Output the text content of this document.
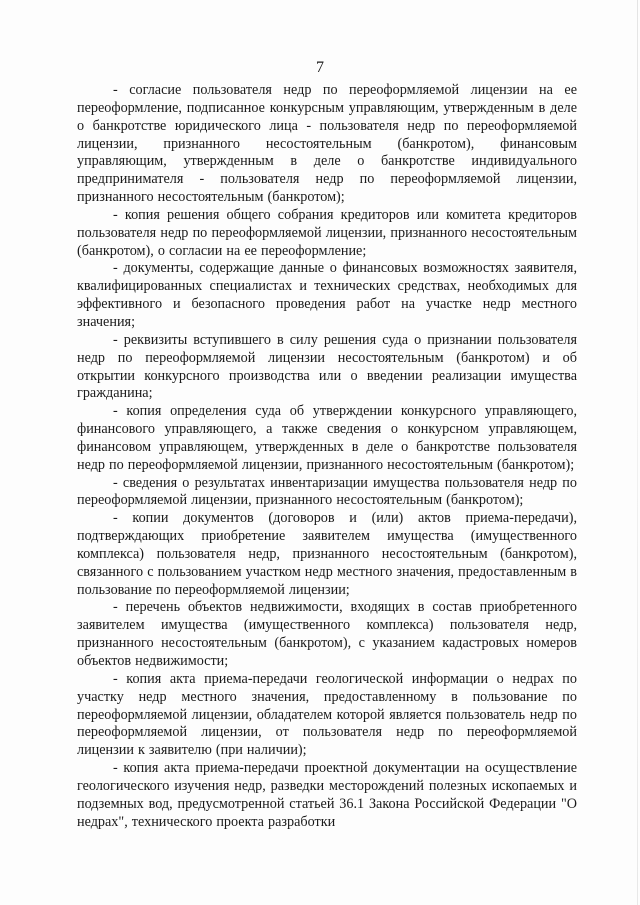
7

- согласие пользователя недр по переоформляемой лицензии на ее переоформление, подписанное конкурсным управляющим, утвержденным в деле о банкротстве юридического лица - пользователя недр по переоформляемой лицензии, признанного несостоятельным (банкротом), финансовым управляющим, утвержденным в деле о банкротстве индивидуального предпринимателя - пользователя недр по переоформляемой лицензии, признанного несостоятельным (банкротом);

- копия решения общего собрания кредиторов или комитета кредиторов пользователя недр по переоформляемой лицензии, признанного несостоятельным (банкротом), о согласии на ее переоформление;

- документы, содержащие данные о финансовых возможностях заявителя, квалифицированных специалистах и технических средствах, необходимых для эффективного и безопасного проведения работ на участке недр местного значения;

- реквизиты вступившего в силу решения суда о признании пользователя недр по переоформляемой лицензии несостоятельным (банкротом) и об открытии конкурсного производства или о введении реализации имущества гражданина;

- копия определения суда об утверждении конкурсного управляющего, финансового управляющего, а также сведения о конкурсном управляющем, финансовом управляющем, утвержденных в деле о банкротстве пользователя недр по переоформляемой лицензии, признанного несостоятельным (банкротом);

- сведения о результатах инвентаризации имущества пользователя недр по переоформляемой лицензии, признанного несостоятельным (банкротом);

- копии документов (договоров и (или) актов приема-передачи), подтверждающих приобретение заявителем имущества (имущественного комплекса) пользователя недр, признанного несостоятельным (банкротом), связанного с пользованием участком недр местного значения, предоставленным в пользование по переоформляемой лицензии;

- перечень объектов недвижимости, входящих в состав приобретенного заявителем имущества (имущественного комплекса) пользователя недр, признанного несостоятельным (банкротом), с указанием кадастровых номеров объектов недвижимости;

- копия акта приема-передачи геологической информации о недрах по участку недр местного значения, предоставленному в пользование по переоформляемой лицензии, обладателем которой является пользователь недр по переоформляемой лицензии, от пользователя недр по переоформляемой лицензии к заявителю (при наличии);

- копия акта приема-передачи проектной документации на осуществление геологического изучения недр, разведки месторождений полезных ископаемых и подземных вод, предусмотренной статьей 36.1 Закона Российской Федерации "О недрах", технического проекта разработки
